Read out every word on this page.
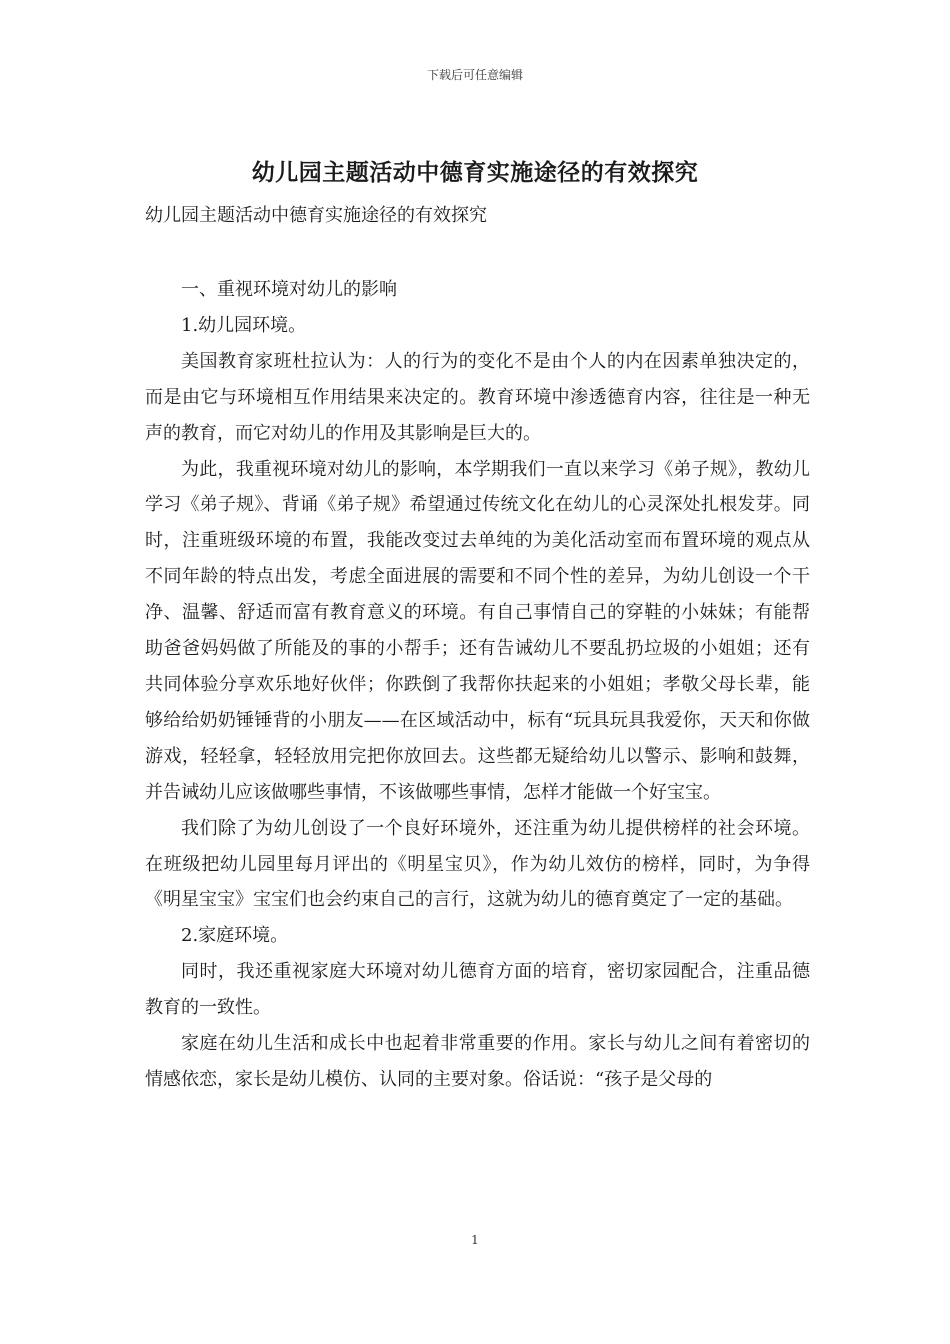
下载后可任意编辑
幼儿园主题活动中德育实施途径的有效探究
幼儿园主题活动中德育实施途径的有效探究

一、重视环境对幼儿的影响

1.幼儿园环境。

美国教育家班杜拉认为：人的行为的变化不是由个人的内在因素单独决定的，而是由它与环境相互作用结果来决定的。教育环境中渗透德育内容，往往是一种无声的教育，而它对幼儿的作用及其影响是巨大的。

为此，我重视环境对幼儿的影响，本学期我们一直以来学习《弟子规》，教幼儿学习《弟子规》、背诵《弟子规》希望通过传统文化在幼儿的心灵深处扎根发芽。同时，注重班级环境的布置，我能改变过去单纯的为美化活动室而布置环境的观点从不同年龄的特点出发，考虑全面进展的需要和不同个性的差异，为幼儿创设一个干净、温馨、舒适而富有教育意义的环境。有自己事情自己的穿鞋的小妹妹；有能帮助爸爸妈妈做了所能及的事的小帮手；还有告诫幼儿不要乱扔垃圾的小姐姐；还有共同体验分享欢乐地好伙伴；你跌倒了我帮你扶起来的小姐姐；孝敬父母长辈，能够给给奶奶锤锤背的小朋友——在区域活动中，标有“玩具玩具我爱你，天天和你做游戏，轻轻拿，轻轻放用完把你放回去。这些都无疑给幼儿以警示、影响和鼓舞，并告诫幼儿应该做哪些事情，不该做哪些事情，怎样才能做一个好宝宝。

我们除了为幼儿创设了一个良好环境外，还注重为幼儿提供榜样的社会环境。在班级把幼儿园里每月评出的《明星宝贝》，作为幼儿效仿的榜样，同时，为争得《明星宝宝》宝宝们也会约束自己的言行，这就为幼儿的德育奠定了一定的基础。

2.家庭环境。

同时，我还重视家庭大环境对幼儿德育方面的培育，密切家园配合，注重品德教育的一致性。

家庭在幼儿生活和成长中也起着非常重要的作用。家长与幼儿之间有着密切的情感依恋，家长是幼儿模仿、认同的主要对象。俗话说：“孩子是父母的

1
